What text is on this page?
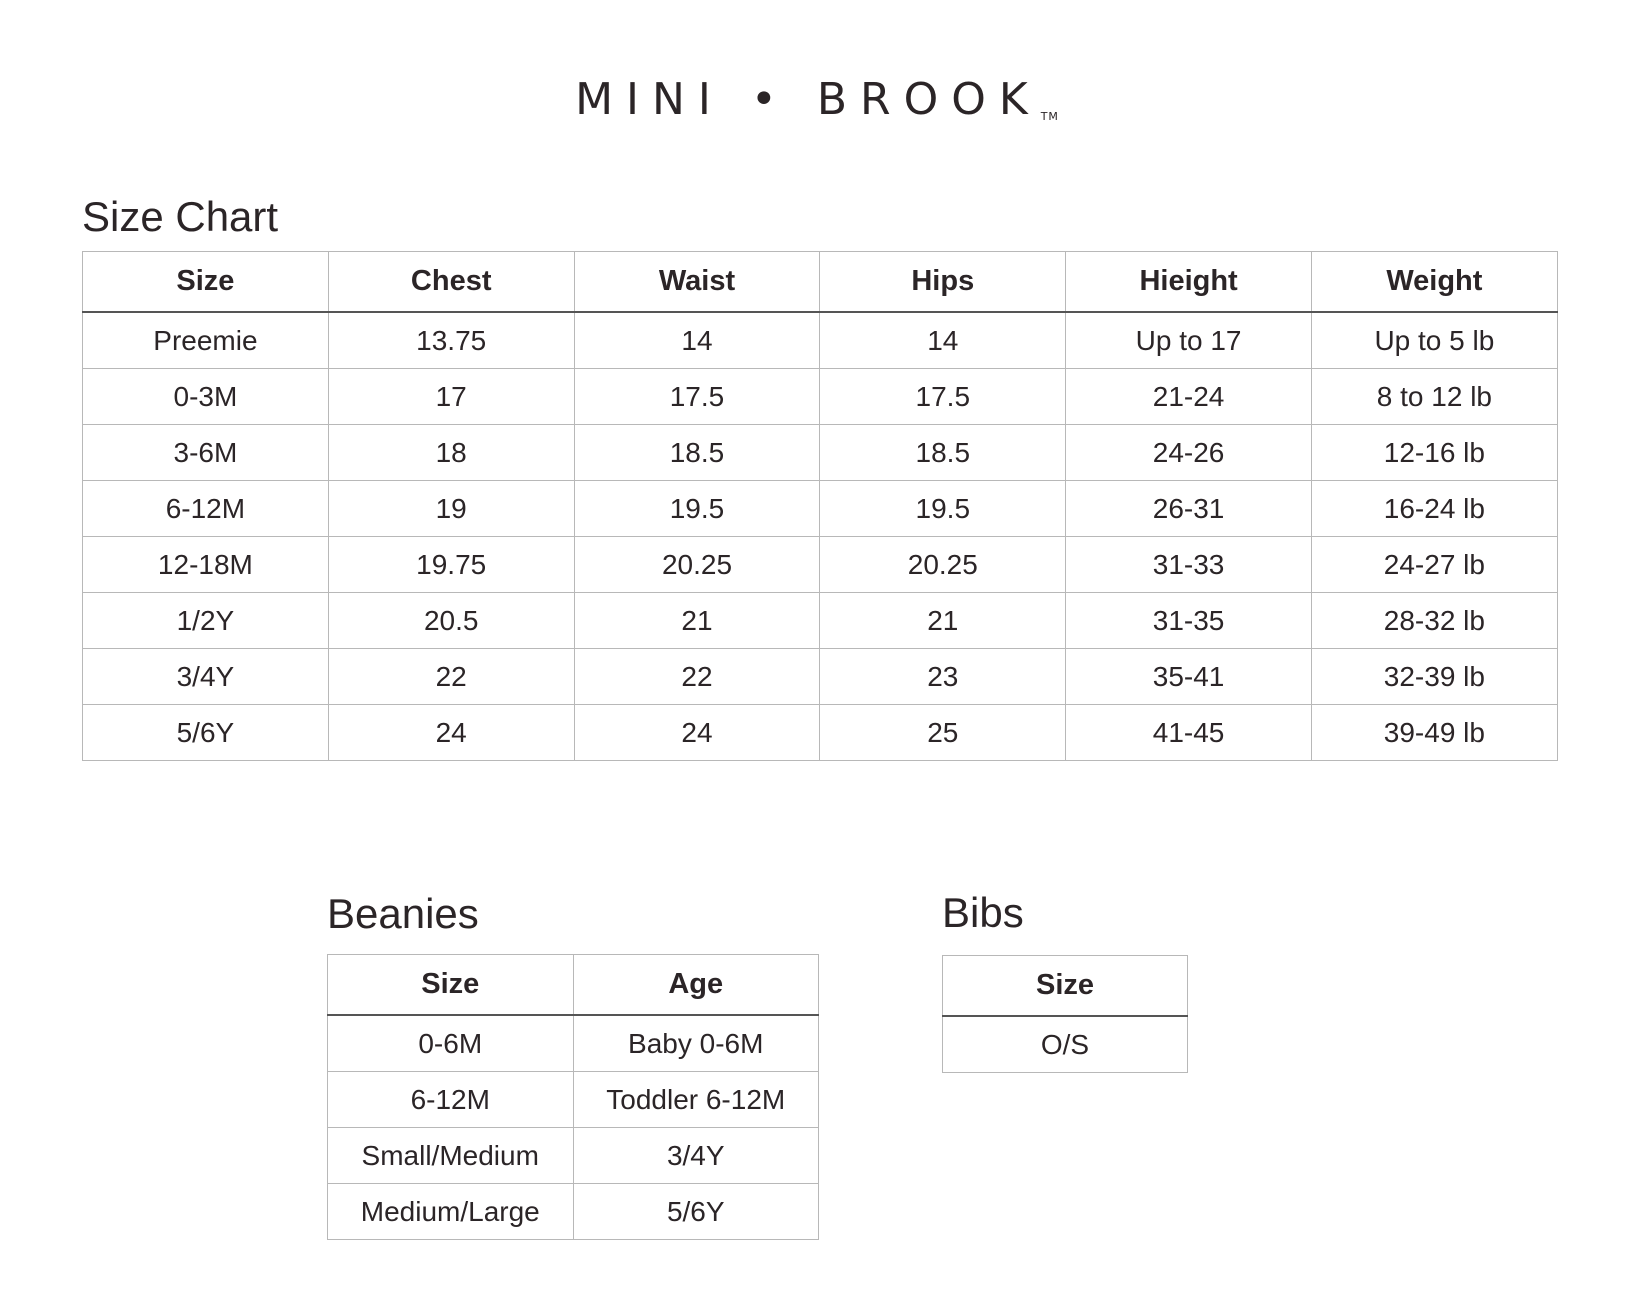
MINI • BROOKTM
Size Chart
Size	Chest	Waist	Hips	Hieight	Weight
Preemie	13.75	14	14	Up to 17	Up to 5 lb
0-3M	17	17.5	17.5	21-24	8 to 12 lb
3-6M	18	18.5	18.5	24-26	12-16 lb
6-12M	19	19.5	19.5	26-31	16-24 lb
12-18M	19.75	20.25	20.25	31-33	24-27 lb
1/2Y	20.5	21	21	31-35	28-32 lb
3/4Y	22	22	23	35-41	32-39 lb
5/6Y	24	24	25	41-45	39-49 lb
Beanies
Size	Age
0-6M	Baby 0-6M
6-12M	Toddler 6-12M
Small/Medium	3/4Y
Medium/Large	5/6Y
Bibs
Size
O/S
